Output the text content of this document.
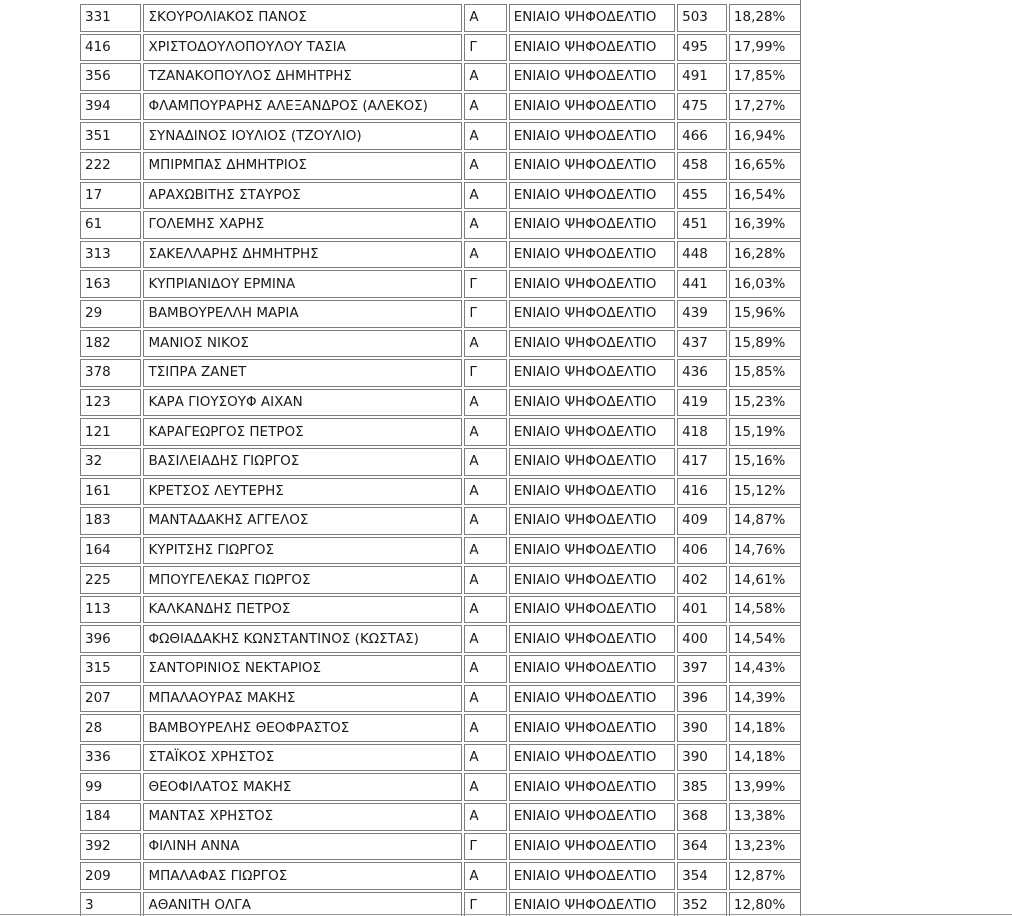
331	ΣΚΟΥΡΟΛΙΑΚΟΣ ΠΑΝΟΣ	Α	ΕΝΙΑΙΟ ΨΗΦΟΔΕΛΤΙΟ	503	18,28%
416	ΧΡΙΣΤΟΔΟΥΛΟΠΟΥΛΟΥ ΤΑΣΙΑ	Γ	ΕΝΙΑΙΟ ΨΗΦΟΔΕΛΤΙΟ	495	17,99%
356	ΤΖΑΝΑΚΟΠΟΥΛΟΣ ΔΗΜΗΤΡΗΣ	Α	ΕΝΙΑΙΟ ΨΗΦΟΔΕΛΤΙΟ	491	17,85%
394	ΦΛΑΜΠΟΥΡΑΡΗΣ ΑΛΕΞΑΝΔΡΟΣ (ΑΛΕΚΟΣ)	Α	ΕΝΙΑΙΟ ΨΗΦΟΔΕΛΤΙΟ	475	17,27%
351	ΣΥΝΑΔΙΝΟΣ ΙΟΥΛΙΟΣ (ΤΖΟΥΛΙΟ)	Α	ΕΝΙΑΙΟ ΨΗΦΟΔΕΛΤΙΟ	466	16,94%
222	ΜΠΙΡΜΠΑΣ ΔΗΜΗΤΡΙΟΣ	Α	ΕΝΙΑΙΟ ΨΗΦΟΔΕΛΤΙΟ	458	16,65%
17	ΑΡΑΧΩΒΙΤΗΣ ΣΤΑΥΡΟΣ	Α	ΕΝΙΑΙΟ ΨΗΦΟΔΕΛΤΙΟ	455	16,54%
61	ΓΟΛΕΜΗΣ ΧΑΡΗΣ	Α	ΕΝΙΑΙΟ ΨΗΦΟΔΕΛΤΙΟ	451	16,39%
313	ΣΑΚΕΛΛΑΡΗΣ ΔΗΜΗΤΡΗΣ	Α	ΕΝΙΑΙΟ ΨΗΦΟΔΕΛΤΙΟ	448	16,28%
163	ΚΥΠΡΙΑΝΙΔΟΥ ΕΡΜΙΝΑ	Γ	ΕΝΙΑΙΟ ΨΗΦΟΔΕΛΤΙΟ	441	16,03%
29	ΒΑΜΒΟΥΡΕΛΛΗ ΜΑΡΙΑ	Γ	ΕΝΙΑΙΟ ΨΗΦΟΔΕΛΤΙΟ	439	15,96%
182	ΜΑΝΙΟΣ ΝΙΚΟΣ	Α	ΕΝΙΑΙΟ ΨΗΦΟΔΕΛΤΙΟ	437	15,89%
378	ΤΣΙΠΡΑ ΖΑΝΕΤ	Γ	ΕΝΙΑΙΟ ΨΗΦΟΔΕΛΤΙΟ	436	15,85%
123	ΚΑΡΑ ΓΙΟΥΣΟΥΦ ΑΙΧΑΝ	Α	ΕΝΙΑΙΟ ΨΗΦΟΔΕΛΤΙΟ	419	15,23%
121	ΚΑΡΑΓΕΩΡΓΟΣ ΠΕΤΡΟΣ	Α	ΕΝΙΑΙΟ ΨΗΦΟΔΕΛΤΙΟ	418	15,19%
32	ΒΑΣΙΛΕΙΑΔΗΣ ΓΙΩΡΓΟΣ	Α	ΕΝΙΑΙΟ ΨΗΦΟΔΕΛΤΙΟ	417	15,16%
161	ΚΡΕΤΣΟΣ ΛΕΥΤΕΡΗΣ	Α	ΕΝΙΑΙΟ ΨΗΦΟΔΕΛΤΙΟ	416	15,12%
183	ΜΑΝΤΑΔΑΚΗΣ ΑΓΓΕΛΟΣ	Α	ΕΝΙΑΙΟ ΨΗΦΟΔΕΛΤΙΟ	409	14,87%
164	ΚΥΡΙΤΣΗΣ ΓΙΩΡΓΟΣ	Α	ΕΝΙΑΙΟ ΨΗΦΟΔΕΛΤΙΟ	406	14,76%
225	ΜΠΟΥΓΕΛΕΚΑΣ ΓΙΩΡΓΟΣ	Α	ΕΝΙΑΙΟ ΨΗΦΟΔΕΛΤΙΟ	402	14,61%
113	ΚΑΛΚΑΝΔΗΣ ΠΕΤΡΟΣ	Α	ΕΝΙΑΙΟ ΨΗΦΟΔΕΛΤΙΟ	401	14,58%
396	ΦΩΘΙΑΔΑΚΗΣ ΚΩΝΣΤΑΝΤΙΝΟΣ (ΚΩΣΤΑΣ)	Α	ΕΝΙΑΙΟ ΨΗΦΟΔΕΛΤΙΟ	400	14,54%
315	ΣΑΝΤΟΡΙΝΙΟΣ ΝΕΚΤΑΡΙΟΣ	Α	ΕΝΙΑΙΟ ΨΗΦΟΔΕΛΤΙΟ	397	14,43%
207	ΜΠΑΛΑΟΥΡΑΣ ΜΑΚΗΣ	Α	ΕΝΙΑΙΟ ΨΗΦΟΔΕΛΤΙΟ	396	14,39%
28	ΒΑΜΒΟΥΡΕΛΗΣ ΘΕΟΦΡΑΣΤΟΣ	Α	ΕΝΙΑΙΟ ΨΗΦΟΔΕΛΤΙΟ	390	14,18%
336	ΣΤΑΪΚΟΣ ΧΡΗΣΤΟΣ	Α	ΕΝΙΑΙΟ ΨΗΦΟΔΕΛΤΙΟ	390	14,18%
99	ΘΕΟΦΙΛΑΤΟΣ ΜΑΚΗΣ	Α	ΕΝΙΑΙΟ ΨΗΦΟΔΕΛΤΙΟ	385	13,99%
184	ΜΑΝΤΑΣ ΧΡΗΣΤΟΣ	Α	ΕΝΙΑΙΟ ΨΗΦΟΔΕΛΤΙΟ	368	13,38%
392	ΦΙΛΙΝΗ ΑΝΝΑ	Γ	ΕΝΙΑΙΟ ΨΗΦΟΔΕΛΤΙΟ	364	13,23%
209	ΜΠΑΛΑΦΑΣ ΓΙΩΡΓΟΣ	Α	ΕΝΙΑΙΟ ΨΗΦΟΔΕΛΤΙΟ	354	12,87%
3	ΑΘΑΝΙΤΗ ΟΛΓΑ	Γ	ΕΝΙΑΙΟ ΨΗΦΟΔΕΛΤΙΟ	352	12,80%
